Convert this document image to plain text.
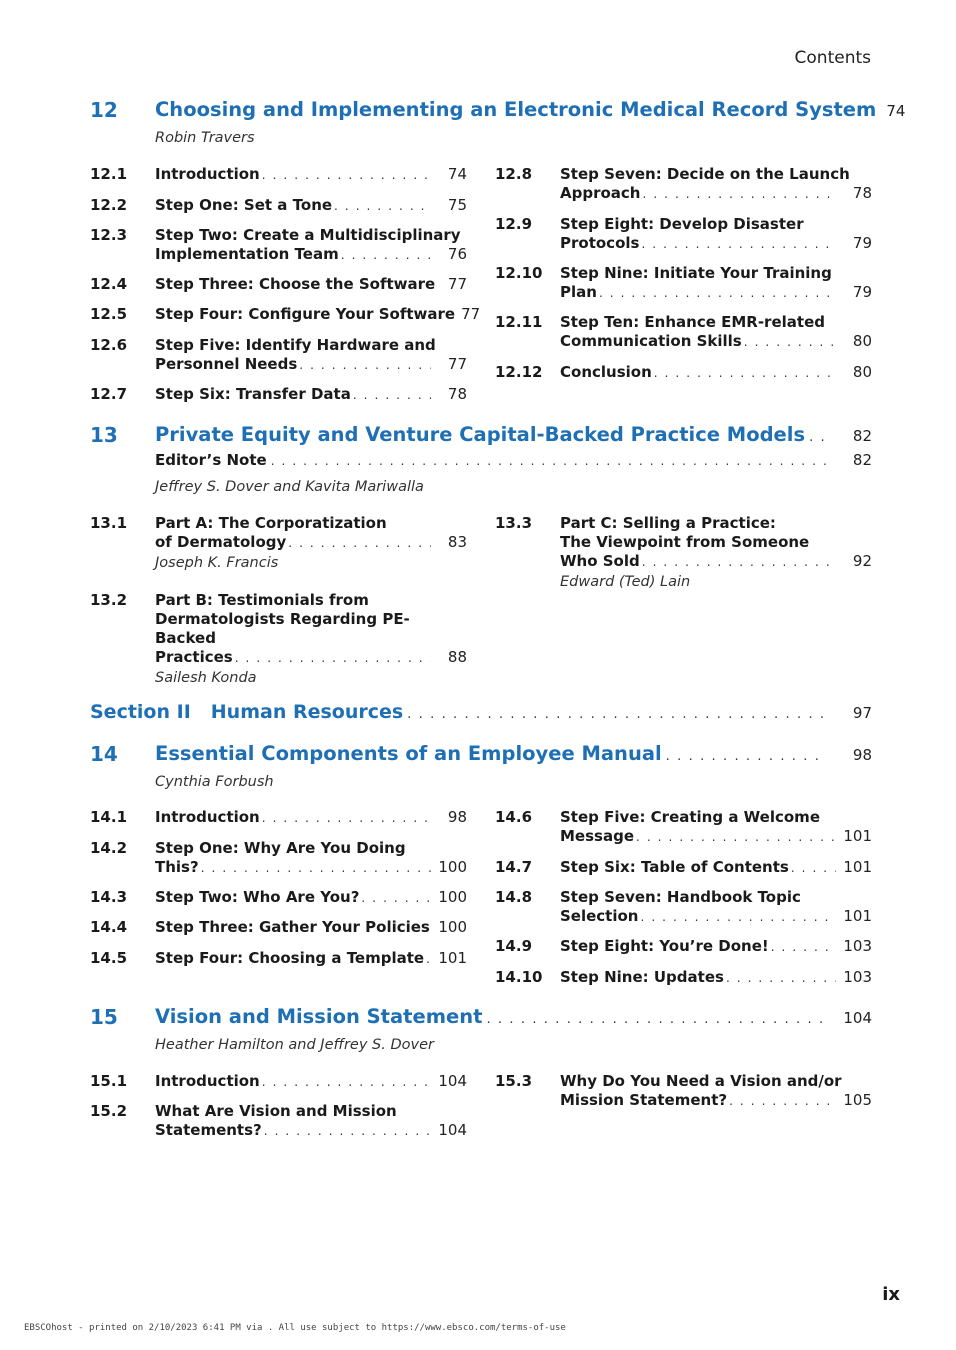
Contents
12 Choosing and Implementing an Electronic Medical Record System 74
Robin Travers
12.1 Introduction . . .	74
12.2 Step One: Set a Tone . . .	75
12.3 Step Two: Create a Multidisciplinary
Implementation Team . . .	76
12.4 Step Three: Choose the Software 77
12.5 Step Four: Configure Your Software 77
12.6 Step Five: Identify Hardware and
Personnel Needs . . .	77
12.7 Step Six: Transfer Data . . .	78
12.8 Step Seven: Decide on the Launch
Approach . . .	78
12.9 Step Eight: Develop Disaster
Protocols . . .	79
12.10 Step Nine: Initiate Your Training
Plan . . .	79
12.11 Step Ten: Enhance EMR-related
Communication Skills . . .	80
12.12 Conclusion . . .	80
13 Private Equity and Venture Capital-Backed Practice Models . . .	82
Editor’s Note . . .	82
Jeffrey S. Dover and Kavita Mariwalla
13.1 Part A: The Corporatization
of Dermatology . . .	83
Joseph K. Francis
13.2 Part B: Testimonials from
Dermatologists Regarding PE-Backed
Practices . . .	88
Sailesh Konda
13.3 Part C: Selling a Practice:
The Viewpoint from Someone
Who Sold . . .	92
Edward (Ted) Lain
Section II Human Resources . . .	97
14 Essential Components of an Employee Manual . . .	98
Cynthia Forbush
14.1 Introduction . . .	98
14.2 Step One: Why Are You Doing
This? . . .	100
14.3 Step Two: Who Are You? . . .	100
14.4 Step Three: Gather Your Policies 100
14.5 Step Four: Choosing a Template . . . 101
14.6 Step Five: Creating a Welcome
Message . . .	101
14.7 Step Six: Table of Contents . . .	101
14.8 Step Seven: Handbook Topic
Selection . . .	101
14.9 Step Eight: You’re Done! . . .	103
14.10 Step Nine: Updates . . .	103
15 Vision and Mission Statement . . .	104
Heather Hamilton and Jeffrey S. Dover
15.1 Introduction . . .	104
15.2 What Are Vision and Mission
Statements? . . .	104
15.3 Why Do You Need a Vision and/or
Mission Statement? . . .	105
ix
EBSCOhost - printed on 2/10/2023 6:41 PM via . All use subject to https://www.ebsco.com/terms-of-use
